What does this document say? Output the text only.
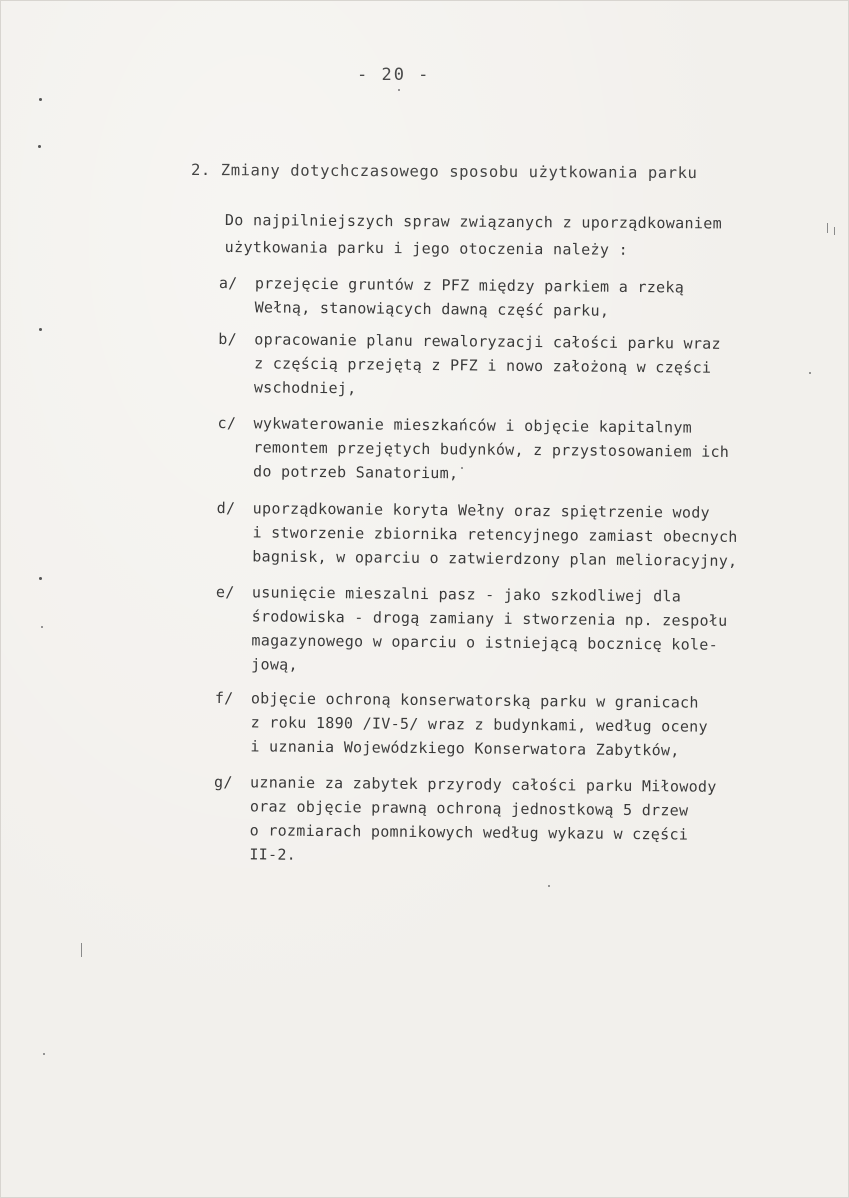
- 20 -
2. Zmiany dotychczasowego sposobu użytkowania parku
Do najpilniejszych spraw związanych z uporządkowaniem
użytkowania parku i jego otoczenia należy :
a/	przejęcie gruntów z PFZ między parkiem a rzeką
Wełną, stanowiących dawną część parku,
b/	opracowanie planu rewaloryzacji całości parku wraz
z częścią przejętą z PFZ i nowo założoną w części
wschodniej,
c/	wykwaterowanie mieszkańców i objęcie kapitalnym
remontem przejętych budynków, z przystosowaniem ich
do potrzeb Sanatorium,
d/	uporządkowanie koryta Wełny oraz spiętrzenie wody
i stworzenie zbiornika retencyjnego zamiast obecnych
bagnisk, w oparciu o zatwierdzony plan melioracyjny,
e/	usunięcie mieszalni pasz - jako szkodliwej dla
środowiska - drogą zamiany i stworzenia np. zespołu
magazynowego w oparciu o istniejącą bocznicę kole-
jową,
f/	objęcie ochroną konserwatorską parku w granicach
z roku 1890 /IV-5/ wraz z budynkami, według oceny
i uznania Wojewódzkiego Konserwatora Zabytków,
g/	uznanie za zabytek przyrody całości parku Miłowody
oraz objęcie prawną ochroną jednostkową 5 drzew
o rozmiarach pomnikowych według wykazu w części
II-2.
